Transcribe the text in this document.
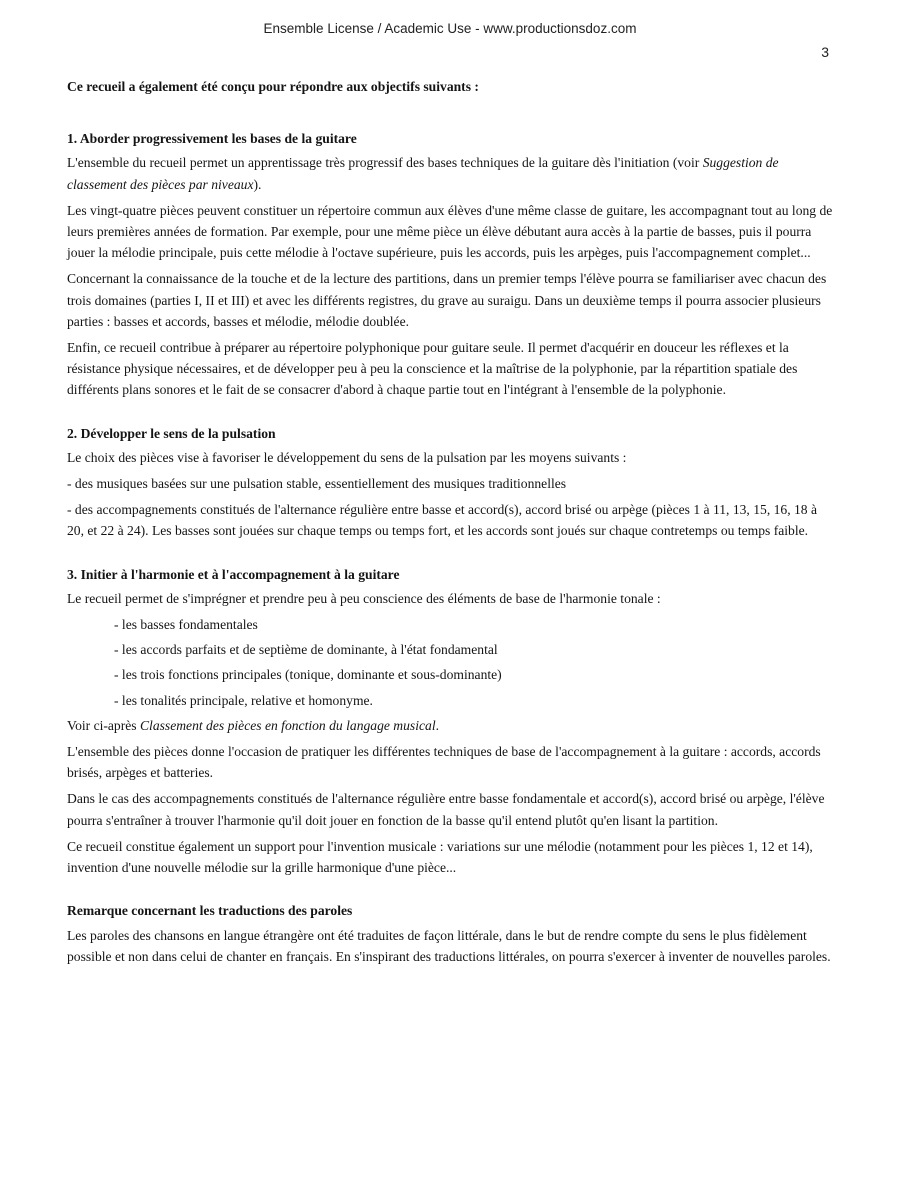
Ensemble License / Academic Use - www.productionsdoz.com
3
Ce recueil a également été conçu pour répondre aux objectifs suivants :
1. Aborder progressivement les bases de la guitare

L'ensemble du recueil permet un apprentissage très progressif des bases techniques de la guitare dès l'initiation (voir Suggestion de classement des pièces par niveaux).

Les vingt-quatre pièces peuvent constituer un répertoire commun aux élèves d'une même classe de guitare, les accompagnant tout au long de leurs premières années de formation. Par exemple, pour une même pièce un élève débutant aura accès à la partie de basses, puis il pourra jouer la mélodie principale, puis cette mélodie à l'octave supérieure, puis les accords, puis les arpèges, puis l'accompagnement complet...

Concernant la connaissance de la touche et de la lecture des partitions, dans un premier temps l'élève pourra se familiariser avec chacun des trois domaines (parties I, II et III) et avec les différents registres, du grave au suraigu. Dans un deuxième temps il pourra associer plusieurs parties : basses et accords, basses et mélodie, mélodie doublée.

Enfin, ce recueil contribue à préparer au répertoire polyphonique pour guitare seule. Il permet d'acquérir en douceur les réflexes et la résistance physique nécessaires, et de développer peu à peu la conscience et la maîtrise de la polyphonie, par la répartition spatiale des différents plans sonores et le fait de se consacrer d'abord à chaque partie tout en l'intégrant à l'ensemble de la polyphonie.

2. Développer le sens de la pulsation

Le choix des pièces vise à favoriser le développement du sens de la pulsation par les moyens suivants :

- des musiques basées sur une pulsation stable, essentiellement des musiques traditionnelles

- des accompagnements constitués de l'alternance régulière entre basse et accord(s), accord brisé ou arpège (pièces 1 à 11, 13, 15, 16, 18 à 20, et 22 à 24). Les basses sont jouées sur chaque temps ou temps fort, et les accords sont joués sur chaque contretemps ou temps faible.

3. Initier à l'harmonie et à l'accompagnement à la guitare

Le recueil permet de s'imprégner et prendre peu à peu conscience des éléments de base de l'harmonie tonale :

- les basses fondamentales
- les accords parfaits et de septième de dominante, à l'état fondamental
- les trois fonctions principales (tonique, dominante et sous-dominante)
- les tonalités principale, relative et homonyme.

Voir ci-après Classement des pièces en fonction du langage musical.

L'ensemble des pièces donne l'occasion de pratiquer les différentes techniques de base de l'accompagnement à la guitare : accords, accords brisés, arpèges et batteries.

Dans le cas des accompagnements constitués de l'alternance régulière entre basse fondamentale et accord(s), accord brisé ou arpège, l'élève pourra s'entraîner à trouver l'harmonie qu'il doit jouer en fonction de la basse qu'il entend plutôt qu'en lisant la partition.

Ce recueil constitue également un support pour l'invention musicale : variations sur une mélodie (notamment pour les pièces 1, 12 et 14), invention d'une nouvelle mélodie sur la grille harmonique d'une pièce...

Remarque concernant les traductions des paroles

Les paroles des chansons en langue étrangère ont été traduites de façon littérale, dans le but de rendre compte du sens le plus fidèlement possible et non dans celui de chanter en français. En s'inspirant des traductions littérales, on pourra s'exercer à inventer de nouvelles paroles.
